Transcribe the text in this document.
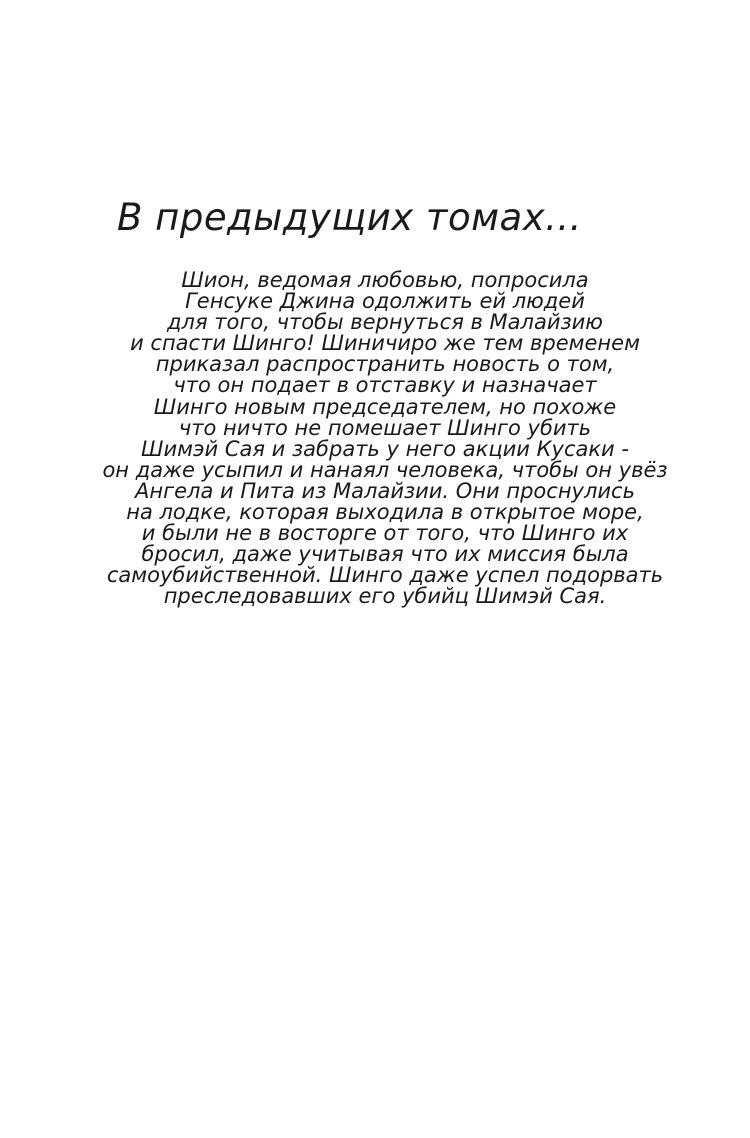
В предыдущих томах...
Шион, ведомая любовью, попросила
Генсуке Джина одолжить ей людей
для того, чтобы вернуться в Малайзию
и спасти Шинго! Шиничиро же тем временем
приказал распространить новость о том,
что он подает в отставку и назначает
Шинго новым председателем, но похоже
что ничто не помешает Шинго убить
Шимэй Сая и забрать у него акции Кусаки -
он даже усыпил и нанаял человека, чтобы он увёз
Ангела и Пита из Малайзии. Они проснулись
на лодке, которая выходила в открытое море,
и были не в восторге от того, что Шинго их
бросил, даже учитывая что их миссия была
самоубийственной. Шинго даже успел подорвать
преследовавших его убийц Шимэй Сая.
